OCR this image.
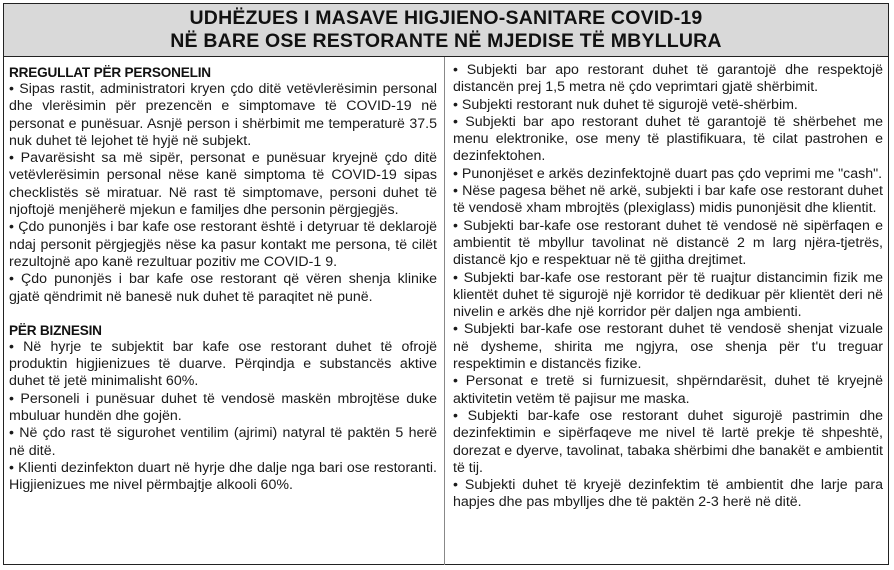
UDHËZUES I MASAVE HIGJIENO-SANITARE COVID-19
NË BARE OSE RESTORANTE NË MJEDISE TË MBYLLURA
RREGULLAT PËR PERSONELIN

• Sipas rastit, administratori kryen çdo ditë vetëvlerësimin personal dhe vlerësimin për prezencën e simptomave të COVID-19 në personat e punësuar. Asnjë person i shërbimit me temperaturë 37.5 nuk duhet të lejohet të hyjë në subjekt.

• Pavarësisht sa më sipër, personat e punësuar kryejnë çdo ditë vetëvlerësimin personal nëse kanë simptoma të COVID-19 sipas checklistës së miratuar. Në rast të simptomave, personi duhet të njoftojë menjëherë mjekun e familjes dhe personin përgjegjës.

• Çdo punonjës i bar kafe ose restorant është i detyruar të deklarojë ndaj personit përgjegjës nëse ka pasur kontakt me persona, të cilët rezultojnë apo kanë rezultuar pozitiv me COVID-1 9.

• Çdo punonjës i bar kafe ose restorant që vëren shenja klinike gjatë qëndrimit në banesë nuk duhet të paraqitet në punë.

PËR BIZNESIN

• Në hyrje te subjektit bar kafe ose restorant duhet të ofrojë produktin higjienizues të duarve. Përqindja e substancës aktive duhet të jetë minimalisht 60%.

• Personeli i punësuar duhet të vendosë maskën mbrojtëse duke mbuluar hundën dhe gojën.

• Në çdo rast të sigurohet ventilim (ajrimi) natyral të paktën 5 herë në ditë.

• Klienti dezinfekton duart në hyrje dhe dalje nga bari ose restoranti. Higjienizues me nivel përmbajtje alkooli 60%.

• Subjekti bar apo restorant duhet të garantojë dhe respektojë distancën prej 1,5 metra në çdo veprimtari gjatë shërbimit.

• Subjekti restorant nuk duhet të sigurojë vetë-shërbim.

• Subjekti bar apo restorant duhet të garantojë të shërbehet me menu elektronike, ose meny të plastifikuara, të cilat pastrohen e dezinfektohen.

• Punonjëset e arkës dezinfektojnë duart pas çdo veprimi me "cash".

• Nëse pagesa bëhet në arkë, subjekti i bar kafe ose restorant duhet të vendosë xham mbrojtës (plexiglass) midis punonjësit dhe klientit.

• Subjekti bar-kafe ose restorant duhet të vendosë në sipërfaqen e ambientit të mbyllur tavolinat në distancë 2 m larg njëra-tjetrës, distancë kjo e respektuar në të gjitha drejtimet.

• Subjekti bar-kafe ose restorant për të ruajtur distancimin fizik me klientët duhet të sigurojë një korridor të dedikuar për klientët deri në nivelin e arkës dhe një korridor për daljen nga ambienti.

• Subjekti bar-kafe ose restorant duhet të vendosë shenjat vizuale në dysheme, shirita me ngjyra, ose shenja për t'u treguar respektimin e distancës fizike.

• Personat e tretë si furnizuesit, shpërndarësit, duhet të kryejnë aktivitetin vetëm të pajisur me maska.

• Subjekti bar-kafe ose restorant duhet sigurojë pastrimin dhe dezinfektimin e sipërfaqeve me nivel të lartë prekje të shpeshtë, dorezat e dyerve, tavolinat, tabaka shërbimi dhe banakët e ambientit të tij.

• Subjekti duhet të kryejë dezinfektim të ambientit dhe larje para hapjes dhe pas mbylljes dhe të paktën 2-3 herë në ditë.
